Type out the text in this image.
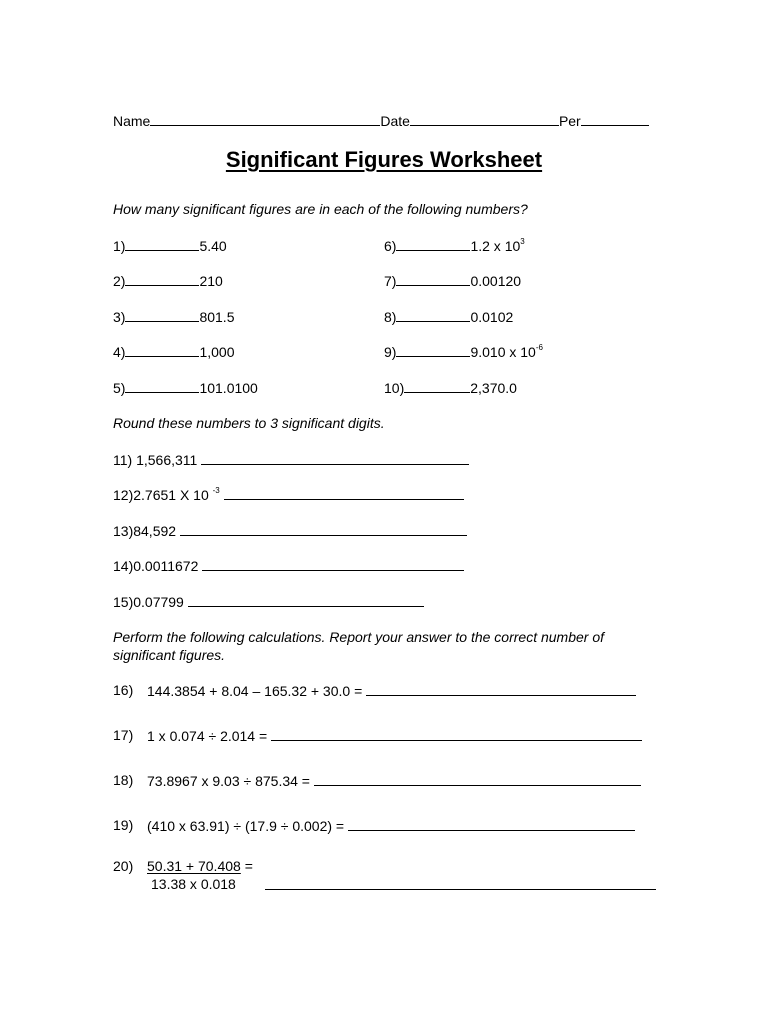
Name	Date	Per
Significant Figures Worksheet
How many significant figures are in each of the following numbers?
1)	5.40
2)	210
3)	801.5
4)	1,000
5)	101.0100
6)	1.2 x $10^3$
7)	0.00120
8)	0.0102
9)	9.010 x $10^{-6}$
10)	2,370.0
Round these numbers to 3 significant digits.
11) 1,566,311
12)2.7651 X 10 $^{-3}$
13)84,592
14)0.0011672
15)0.07799
Perform the following calculations. Report your answer to the correct number of
significant figures.
16) 144.3854 + 8.04 – 165.32 + 30.0 =
17) 1 x 0.074 ÷ 2.014 =
18) 73.8967 x 9.03 ÷ 875.34 =
19) (410 x 63.91) ÷ (17.9 ÷ 0.002) =
20) 50.31 + 70.408 =
13.38 x 0.018
